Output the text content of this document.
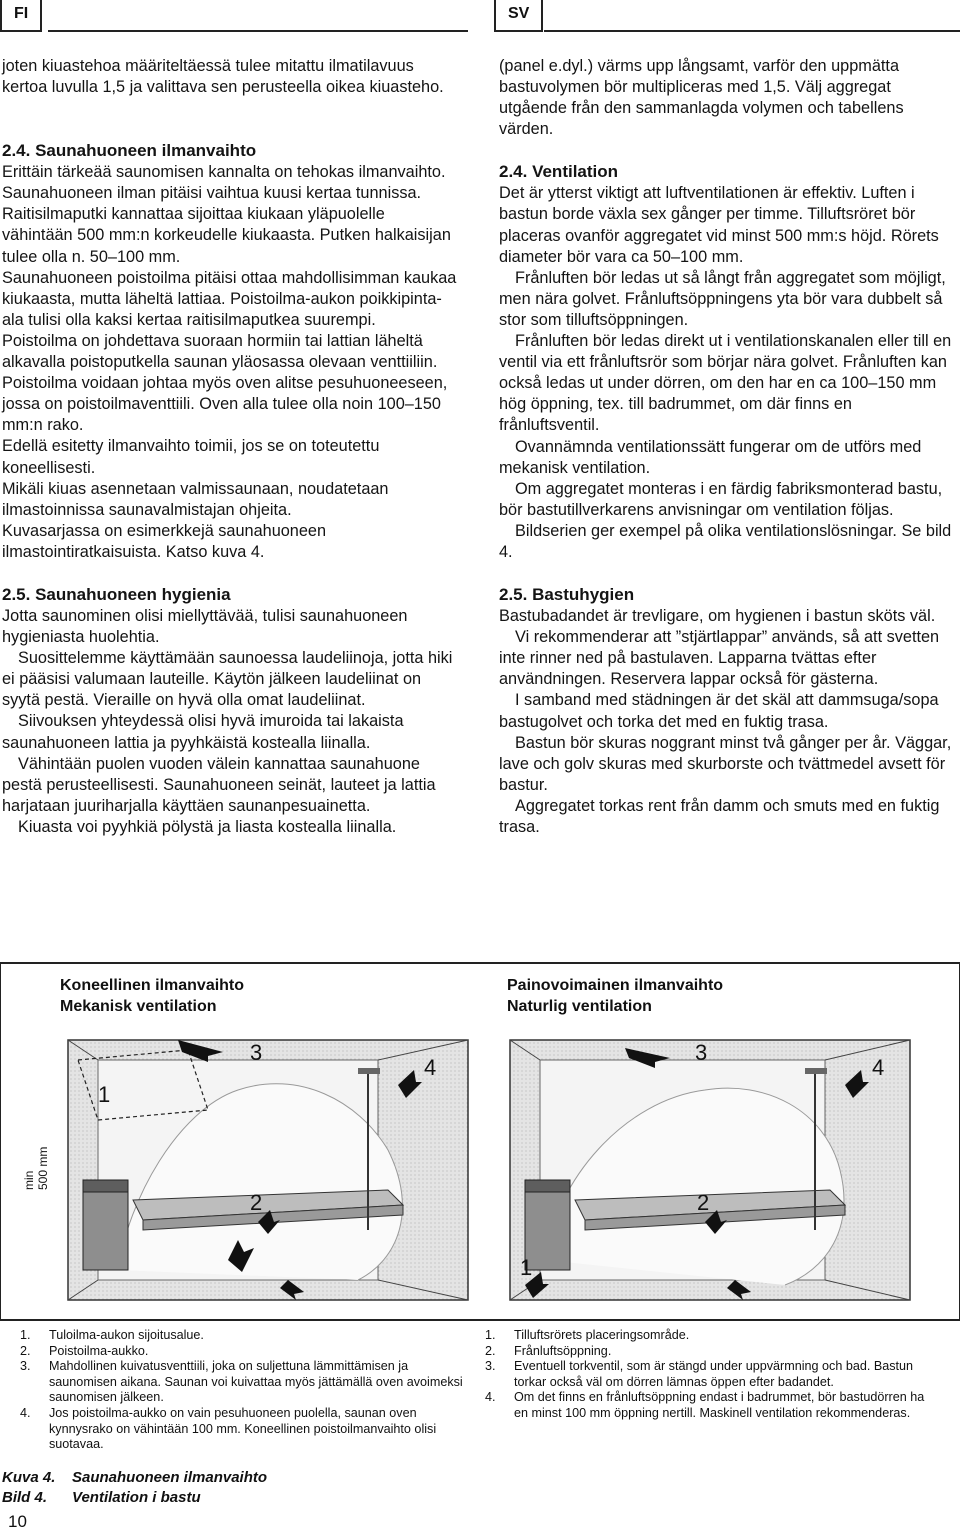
FI	SV

joten kiuastehoa määriteltäessä tulee mitattu ilmatilavuus kertoa luvulla 1,5 ja valittava sen perusteella oikea kiuasteho.

2.4. Saunahuoneen ilmanvaihto

Erittäin tärkeää saunomisen kannalta on tehokas ilmanvaihto. Saunahuoneen ilman pitäisi vaihtua kuusi kertaa tunnissa. Raitisilmaputki kannattaa sijoittaa kiukaan yläpuolelle vähintään 500 mm:n korkeudelle kiukaasta. Putken halkaisijan tulee olla n. 50–100 mm.

Saunahuoneen poistoilma pitäisi ottaa mahdollisimman kaukaa kiukaasta, mutta läheltä lattiaa. Poistoilma-aukon poikkipinta-ala tulisi olla kaksi kertaa raitisilmaputkea suurempi.

Poistoilma on johdettava suoraan hormiin tai lattian läheltä alkavalla poistoputkella saunan yläosassa olevaan venttiiliin. Poistoilma voidaan johtaa myös oven alitse pesuhuoneeseen, jossa on poistoilmaventtiili. Oven alla tulee olla noin 100–150 mm:n rako.

Edellä esitetty ilmanvaihto toimii, jos se on toteutettu koneellisesti.

Mikäli kiuas asennetaan valmissaunaan, noudatetaan ilmastoinnissa saunavalmistajan ohjeita.

Kuvasarjassa on esimerkkejä saunahuoneen ilmastointiratkaisuista. Katso kuva 4.

2.5. Saunahuoneen hygienia

Jotta saunominen olisi miellyttävää, tulisi saunahuoneen hygieniasta huolehtia.

Suosittelemme käyttämään saunoessa laudeliinoja, jotta hiki ei pääsisi valumaan lauteille. Käytön jälkeen laudeliinat on syytä pestä. Vieraille on hyvä olla omat laudeliinat.

Siivouksen yhteydessä olisi hyvä imuroida tai lakaista saunahuoneen lattia ja pyyhkäistä kostealla liinalla.

Vähintään puolen vuoden välein kannattaa saunahuone pestä perusteellisesti. Saunahuoneen seinät, lauteet ja lattia harjataan juuriharjalla käyttäen saunanpesuainetta.

Kiuasta voi pyyhkiä pölystä ja liasta kostealla liinalla.

(panel e.dyl.) värms upp långsamt, varför den uppmätta bastuvolymen bör multipliceras med 1,5. Välj aggregat utgående från den sammanlagda volymen och tabellens värden.

2.4. Ventilation

Det är ytterst viktigt att luftventilationen är effektiv. Luften i bastun borde växla sex gånger per timme. Tilluftsröret bör placeras ovanför aggregatet vid minst 500 mm:s höjd. Rörets diameter bör vara ca 50–100 mm.

Frånluften bör ledas ut så långt från aggregatet som möjligt, men nära golvet. Frånluftsöppningens yta bör vara dubbelt så stor som tilluftsöppningen.

Frånluften bör ledas direkt ut i ventilationskanalen eller till en ventil via ett frånluftsrör som börjar nära golvet. Frånluften kan också ledas ut under dörren, om den har en ca 100–150 mm hög öppning, tex. till badrummet, om där finns en frånluftsventil.

Ovannämnda ventilationssätt fungerar om de utförs med mekanisk ventilation.

Om aggregatet monteras i en färdig fabriksmonterad bastu, bör bastutillverkarens anvisningar om ventilation följas.

Bildserien ger exempel på olika ventilationslösningar. Se bild 4.

2.5. Bastuhygien

Bastubadandet är trevligare, om hygienen i bastun sköts väl.

Vi rekommenderar att ”stjärtlappar” används, så att svetten inte rinner ned på bastulaven. Lapparna tvättas efter användningen. Reservera lappar också för gästerna.

I samband med städningen är det skäl att dammsuga/sopa bastugolvet och torka det med en fuktig trasa.

Bastun bör skuras noggrant minst två gånger per år. Väggar, lave och golv skuras med skurborste och tvättmedel avsett för bastur.

Aggregatet torkas rent från damm och smuts med en fuktig trasa.

Koneellinen ilmanvaihto
Mekanisk ventilation
Painovoimainen ilmanvaihto
Naturlig ventilation
min 500 mm
1
3
4
2
1
3
4
2
1.	Tuloilma-aukon sijoitusalue.
2.	Poistoilma-aukko.
3.	Mahdollinen kuivatusventtiili, joka on suljettuna lämmittämisen ja saunomisen aikana. Saunan voi kuivattaa myös jättämällä oven avoimeksi saunomisen jälkeen.
4.	Jos poistoilma-aukko on vain pesuhuoneen puolella, saunan oven kynnysrako on vähintään 100 mm. Koneellinen poistoilmanvaihto olisi suotavaa.
1.	Tilluftsrörets placeringsområde.
2.	Frånluftsöppning.
3.	Eventuell torkventil, som är stängd under uppvärmning och bad. Bastun torkar också väl om dörren lämnas öppen efter badandet.
4.	Om det finns en frånluftsöppning endast i badrummet, bör bastudörren ha en minst 100 mm öppning nertill. Maskinell ventilation rekommenderas.
Kuva 4. Saunahuoneen ilmanvaihto
Bild 4. Ventilation i bastu
10
